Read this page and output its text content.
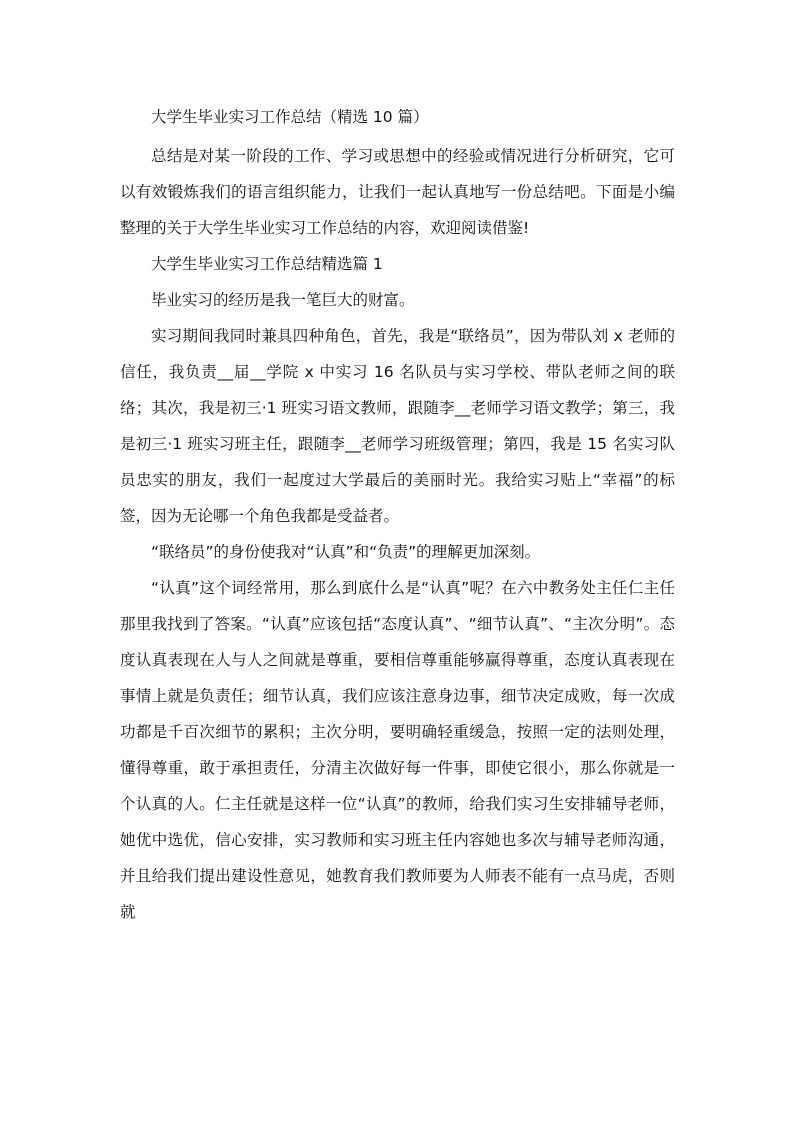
大学生毕业实习工作总结（精选 10 篇）

总结是对某一阶段的工作、学习或思想中的经验或情况进行分析研究，它可以有效锻炼我们的语言组织能力，让我们一起认真地写一份总结吧。下面是小编整理的关于大学生毕业实习工作总结的内容，欢迎阅读借鉴!

大学生毕业实习工作总结精选篇 1

毕业实习的经历是我一笔巨大的财富。

实习期间我同时兼具四种角色，首先，我是“联络员”，因为带队刘 x 老师的信任，我负责__届__学院 x 中实习 16 名队员与实习学校、带队老师之间的联络；其次，我是初三·1 班实习语文教师，跟随李__老师学习语文教学；第三，我是初三·1 班实习班主任，跟随李__老师学习班级管理；第四，我是 15 名实习队员忠实的朋友，我们一起度过大学最后的美丽时光。我给实习贴上“幸福”的标签，因为无论哪一个角色我都是受益者。

“联络员”的身份使我对“认真”和“负责”的理解更加深刻。

“认真”这个词经常用，那么到底什么是“认真”呢？在六中教务处主任仁主任那里我找到了答案。“认真”应该包括“态度认真”、“细节认真”、“主次分明”。态度认真表现在人与人之间就是尊重，要相信尊重能够赢得尊重，态度认真表现在事情上就是负责任；细节认真，我们应该注意身边事，细节决定成败，每一次成功都是千百次细节的累积；主次分明，要明确轻重缓急，按照一定的法则处理，懂得尊重，敢于承担责任，分清主次做好每一件事，即使它很小，那么你就是一个认真的人。仁主任就是这样一位“认真”的教师，给我们实习生安排辅导老师，她优中选优，信心安排，实习教师和实习班主任内容她也多次与辅导老师沟通，并且给我们提出建设性意见，她教育我们教师要为人师表不能有一点马虎，否则就
